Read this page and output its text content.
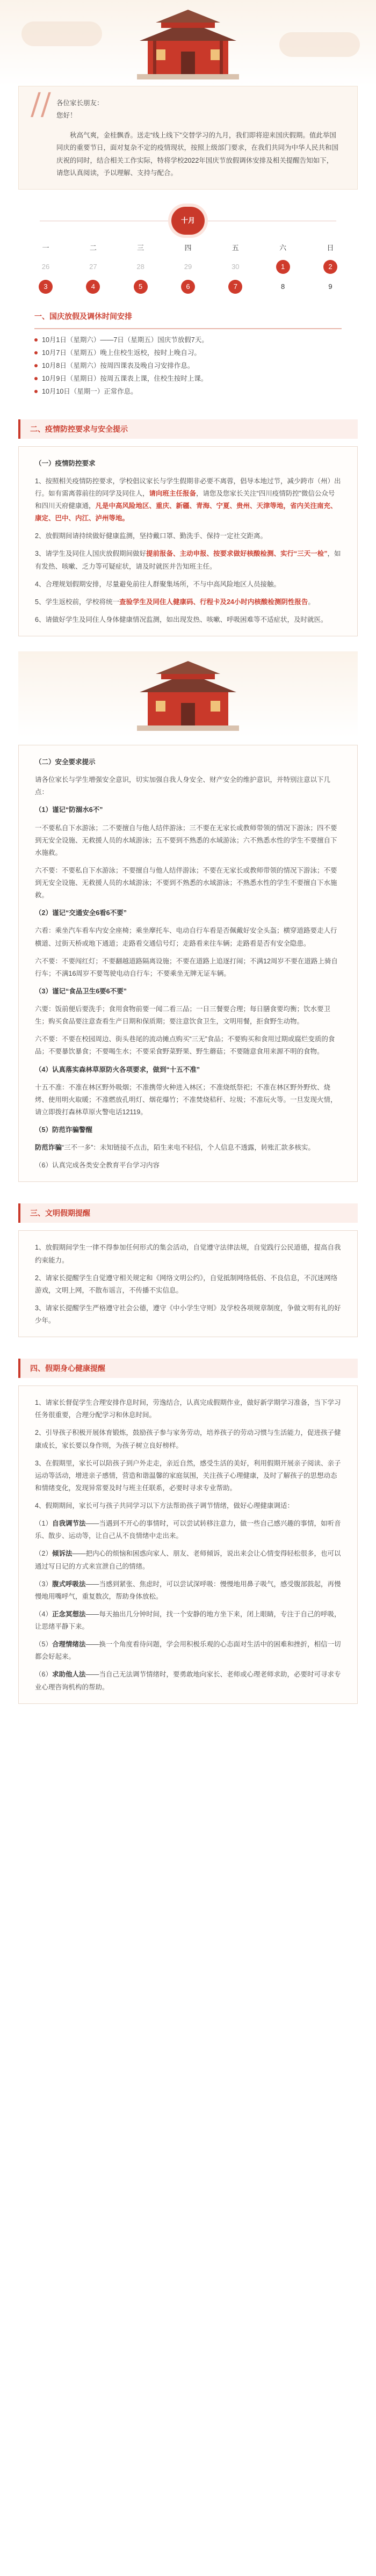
// 各位家长朋友：

您好！

秋高气爽，金桂飘香。送走“线上线下”交替学习的九月，我们即将迎来国庆假期。值此举国同庆的重要节日，面对复杂不定的疫情现状，按照上级部门要求，在我们共同为中华人民共和国庆祝的同时，结合相关工作实际，特将学校2022年国庆节放假调休安排及相关提醒告知如下，请您认真阅读，予以理解、支持与配合。

十月
一	二	三	四	五	六	日
26	27	28	29	30	1	2
3	4	5	6	7	8	9
一、国庆放假及调休时间安排
10月1日（星期六）——7日（星期五）国庆节放假7天。
10月7日（星期五）晚上住校生返校，按时上晚自习。
10月8日（星期六）按周四课表及晚自习安排作息。
10月9日（星期日）按周五课表上课，住校生按时上课。
10月10日（星期一）正常作息。
二、疫情防控要求与安全提示

（一）疫情防控要求

1、按照相关疫情防控要求，学校倡议家长与学生假期非必要不离蓉，倡导本地过节，减少跨市（州）出行。如有需离蓉前往的同学及同住人，请向班主任报备，请您及您家长关注“四川疫情防控”微信公众号和四川天府健康通，凡是中高风险地区、重庆、新疆、青海、宁夏、贵州、天津等地，省内关注南充、康定、巴中、内江、泸州等地。

2、放假期间请持续做好健康监测，坚持戴口罩、勤洗手、保持一定社交距离。

3、请学生及同住人国庆放假期间做好提前报备、主动申报、按要求做好核酸检测、实行“三天一检”，如有发热、咳嗽、乏力等可疑症状，请及时就医并告知班主任。

4、合理规划假期安排，尽量避免前往人群聚集场所，不与中高风险地区人员接触。

5、学生返校前，学校将统一查验学生及同住人健康码、行程卡及24小时内核酸检测阴性报告。

6、请做好学生及同住人身体健康情况监测，如出现发热、咳嗽、呼吸困难等不适症状，及时就医。

（二）安全要求提示

请各位家长与学生增强安全意识，切实加强自我人身安全、财产安全的维护意识，并特别注意以下几点：

（1）谨记“防溺水6不”

一不要私自下水游泳；二不要擅自与他人结伴游泳；三不要在无家长或教师带领的情况下游泳；四不要到无安全设施、无救援人员的水域游泳；五不要到不熟悉的水域游泳；六不熟悉水性的学生不要擅自下水施救。

六不要：不要私自下水游泳；不要擅自与他人结伴游泳；不要在无家长或教师带领的情况下游泳；不要到无安全设施、无救援人员的水域游泳；不要到不熟悉的水域游泳；不熟悉水性的学生不要擅自下水施救。

（2）谨记“交通安全6看6不要”

六看：乘坐汽车看车内安全座椅；乘坐摩托车、电动自行车看是否佩戴好安全头盔；横穿道路要走人行横道、过街天桥或地下通道；走路看交通信号灯；走路看来往车辆；走路看是否有安全隐患。

六不要：不要闯红灯；不要翻越道路隔离设施；不要在道路上追逐打闹；不满12周岁不要在道路上骑自行车；不满16周岁不要驾驶电动自行车；不要乘坐无牌无证车辆。

（3）谨记“食品卫生6要6不要”

六要：饭前便后要洗手；食用食物前要一闻二看三品；一日三餐要合理；每日膳食要均衡；饮水要卫生；购买食品要注意查看生产日期和保质期；要注意饮食卫生，文明用餐，拒食野生动物。

六不要：不要在校园周边、街头巷尾的流动摊点购买“三无”食品；不要购买和食用过期或腐烂变质的食品；不要暴饮暴食；不要喝生水；不要采食野菜野果、野生蘑菇；不要随意食用来源不明的食物。

（4）认真落实森林草原防火各项要求，做到“十五不准”

十五不准：不准在林区野外吸烟；不准携带火种进入林区；不准烧纸祭祀；不准在林区野外野炊、烧烤、使用明火取暖；不准燃放孔明灯、烟花爆竹；不准焚烧秸秆、垃圾；不准玩火等。一旦发现火情，请立即拨打森林草原火警电话12119。

（5）防范诈骗警醒

防范诈骗“三不一多”：未知链接不点击，陌生来电不轻信，个人信息不透露，转账汇款多核实。

（6）认真完成各类安全教育平台学习内容

三、文明假期提醒

1、放假期间学生一律不得参加任何形式的集会活动，自觉遵守法律法规，自觉践行公民道德，提高自我约束能力。

2、请家长提醒学生自觉遵守相关规定和《网络文明公约》，自觉抵制网络低俗、不良信息，不沉迷网络游戏，文明上网，不散布谣言，不传播不实信息。

3、请家长提醒学生严格遵守社会公德，遵守《中小学生守则》及学校各项规章制度，争做文明有礼的好少年。

四、假期身心健康提醒

1、请家长督促学生合理安排作息时间，劳逸结合，认真完成假期作业，做好新学期学习准备，当下学习任务很重要，合理分配学习和休息时间。

2、引导孩子积极开展体育锻炼，鼓励孩子参与家务劳动，培养孩子的劳动习惯与生活能力，促进孩子健康成长，家长要以身作则，为孩子树立良好榜样。

3、在假期里，家长可以陪孩子到户外走走，亲近自然，感受生活的美好，利用假期开展亲子阅读、亲子运动等活动，增进亲子感情，营造和谐温馨的家庭氛围，关注孩子心理健康，及时了解孩子的思想动态和情绪变化，发现异常要及时与班主任联系，必要时寻求专业帮助。

4、假期期间，家长可与孩子共同学习以下方法帮助孩子调节情绪，做好心理健康调适：

（1）自我调节法——当遇到不开心的事情时，可以尝试转移注意力，做一些自己感兴趣的事情，如听音乐、散步、运动等，让自己从不良情绪中走出来。

（2）倾诉法——把内心的烦恼和困惑向家人、朋友、老师倾诉，说出来会让心情变得轻松很多，也可以通过写日记的方式来宣泄自己的情绪。

（3）腹式呼吸法——当感到紧张、焦虑时，可以尝试深呼吸：慢慢地用鼻子吸气，感受腹部鼓起，再慢慢地用嘴呼气，重复数次，帮助身体放松。

（4）正念冥想法——每天抽出几分钟时间，找一个安静的地方坐下来，闭上眼睛，专注于自己的呼吸，让思绪平静下来。

（5）合理情绪法——换一个角度看待问题，学会用积极乐观的心态面对生活中的困难和挫折，相信一切都会好起来。

（6）求助他人法——当自己无法调节情绪时，要勇敢地向家长、老师或心理老师求助，必要时可寻求专业心理咨询机构的帮助。
